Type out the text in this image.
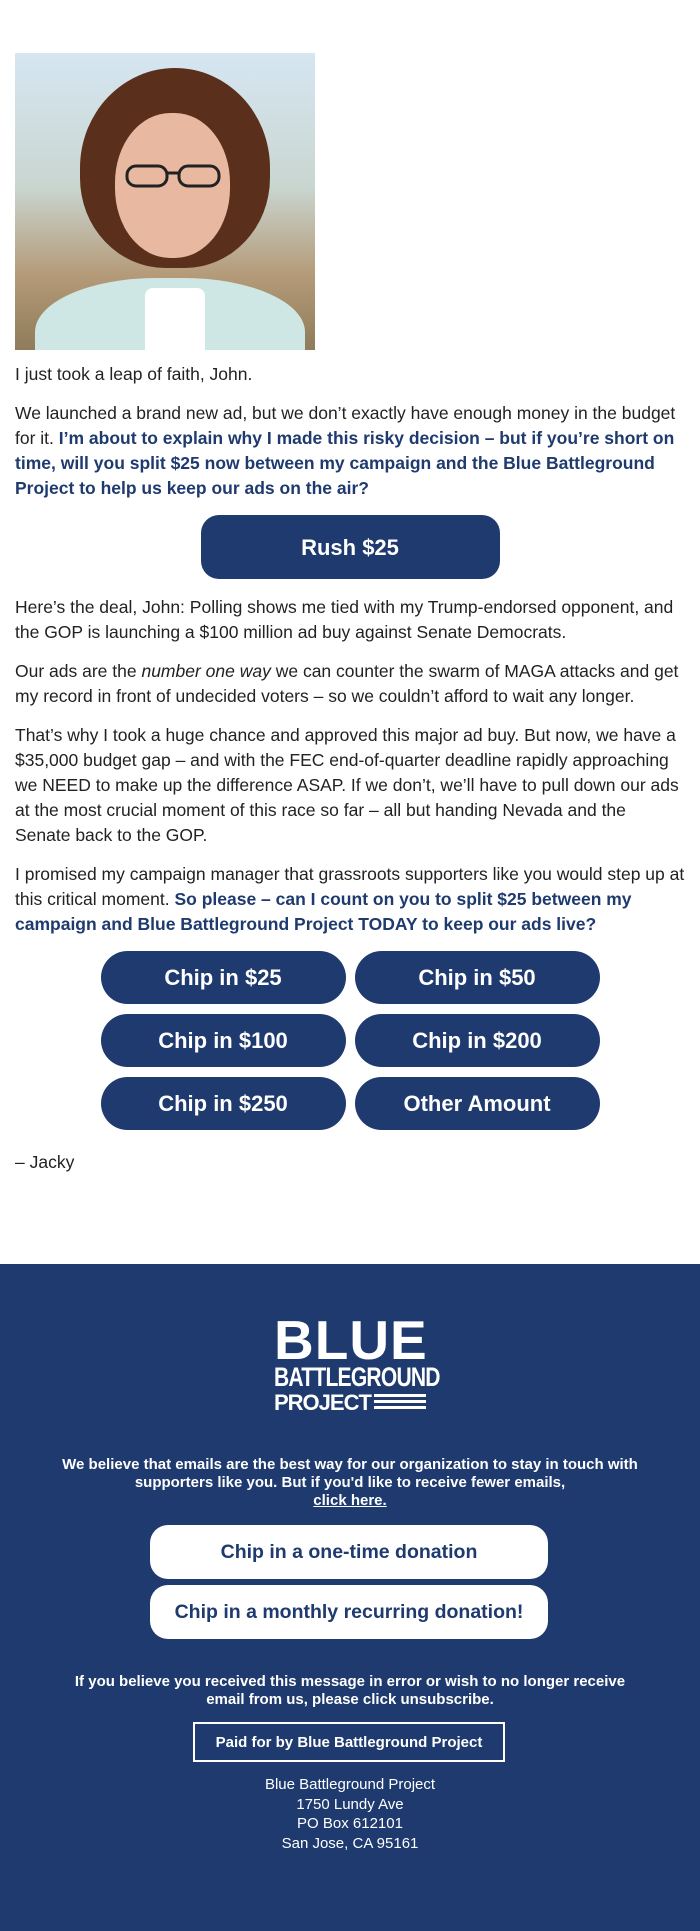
I just took a leap of faith, John.

We launched a brand new ad, but we don’t exactly have enough money in the budget for it. I’m about to explain why I made this risky decision – but if you’re short on time, will you split $25 now between my campaign and the Blue Battleground Project to help us keep our ads on the air?

Rush $25

Here’s the deal, John: Polling shows me tied with my Trump-endorsed opponent, and the GOP is launching a $100 million ad buy against Senate Democrats.

Our ads are the number one way we can counter the swarm of MAGA attacks and get my record in front of undecided voters – so we couldn’t afford to wait any longer.

That’s why I took a huge chance and approved this major ad buy. But now, we have a $35,000 budget gap – and with the FEC end-of-quarter deadline rapidly approaching we NEED to make up the difference ASAP. If we don’t, we’ll have to pull down our ads at the most crucial moment of this race so far – all but handing Nevada and the Senate back to the GOP.

I promised my campaign manager that grassroots supporters like you would step up at this critical moment. So please – can I count on you to split $25 between my campaign and Blue Battleground Project TODAY to keep our ads live?

Chip in $25	Chip in $50
Chip in $100	Chip in $200
Chip in $250	Other Amount

– Jacky

BLUE
BATTLEGROUND
PROJECT
We believe that emails are the best way for our organization to stay in touch with supporters like you. But if you'd like to receive fewer emails,
click here.
Chip in a one-time donation
Chip in a monthly recurring donation!
If you believe you received this message in error or wish to no longer receive email from us, please click unsubscribe.
Paid for by Blue Battleground Project
Blue Battleground Project
1750 Lundy Ave
PO Box 612101
San Jose, CA 95161
